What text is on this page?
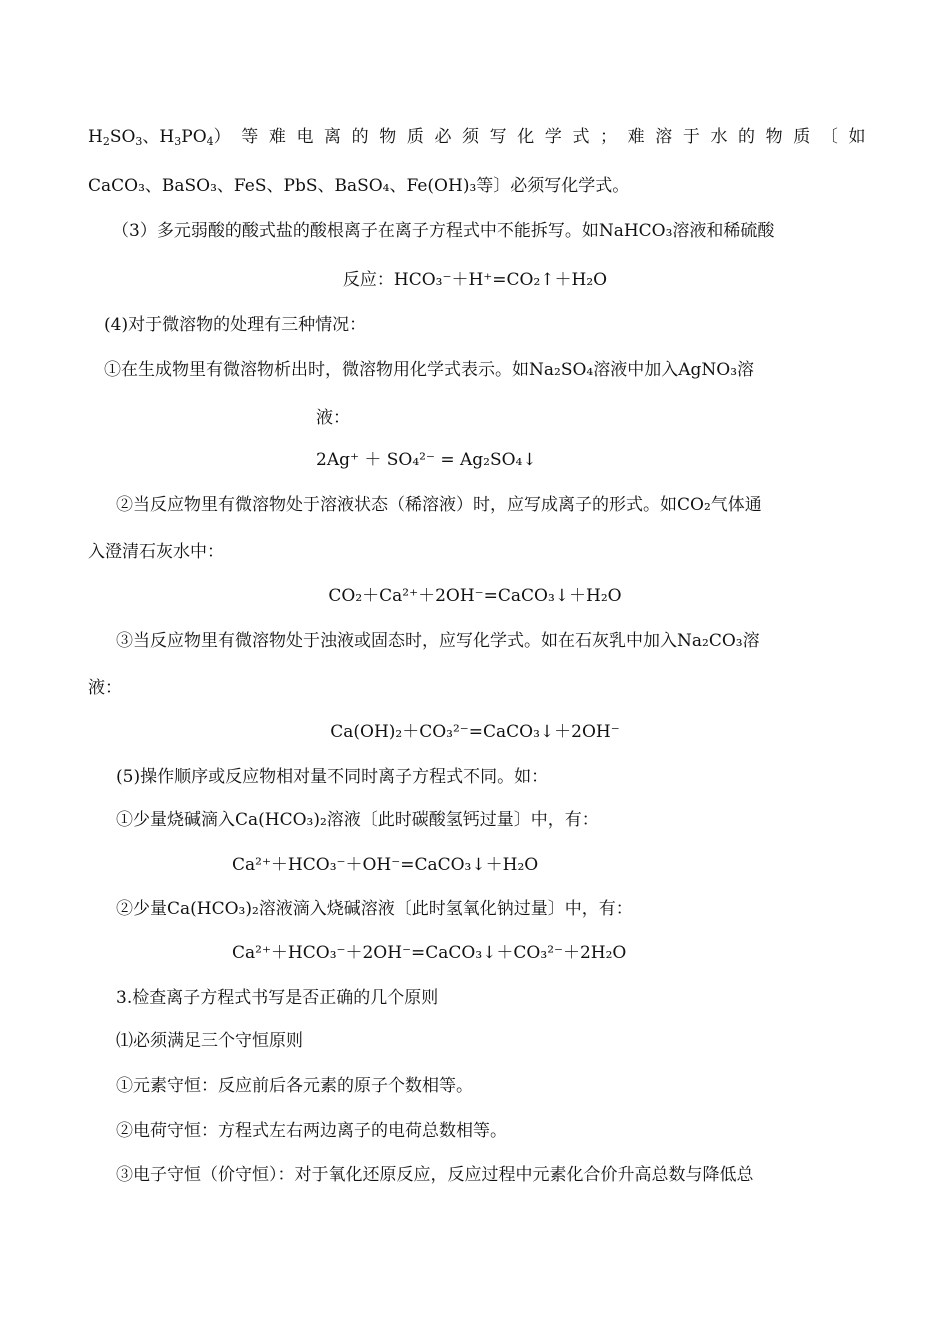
$H_2SO_3$ 、 $H_3PO_4$ ）等难电离的物质必须写化学式；难溶于水的物质〔如
CaCO₃、BaSO₃、FeS、PbS、BaSO₄、Fe(OH)₃等〕必须写化学式。
（3）多元弱酸的酸式盐的酸根离子在离子方程式中不能拆写。如NaHCO₃溶液和稀硫酸
反应：HCO₃⁻＋H⁺=CO₂↑＋H₂O
(4)对于微溶物的处理有三种情况：
①在生成物里有微溶物析出时，微溶物用化学式表示。如Na₂SO₄溶液中加入AgNO₃溶
液：
2Ag⁺ ＋ SO₄²⁻ = Ag₂SO₄↓
②当反应物里有微溶物处于溶液状态（稀溶液）时，应写成离子的形式。如CO₂气体通
入澄清石灰水中：
CO₂＋Ca²⁺＋2OH⁻=CaCO₃↓＋H₂O
③当反应物里有微溶物处于浊液或固态时，应写化学式。如在石灰乳中加入Na₂CO₃溶
液：
Ca(OH)₂＋CO₃²⁻=CaCO₃↓＋2OH⁻
(5)操作顺序或反应物相对量不同时离子方程式不同。如：
①少量烧碱滴入Ca(HCO₃)₂溶液〔此时碳酸氢钙过量〕中，有：
Ca²⁺＋HCO₃⁻＋OH⁻=CaCO₃↓＋H₂O
②少量Ca(HCO₃)₂溶液滴入烧碱溶液〔此时氢氧化钠过量〕中，有：
Ca²⁺＋HCO₃⁻＋2OH⁻=CaCO₃↓＋CO₃²⁻＋2H₂O
3.检查离子方程式书写是否正确的几个原则
⑴必须满足三个守恒原则
①元素守恒：反应前后各元素的原子个数相等。
②电荷守恒：方程式左右两边离子的电荷总数相等。
③电子守恒（价守恒）：对于氧化还原反应，反应过程中元素化合价升高总数与降低总
